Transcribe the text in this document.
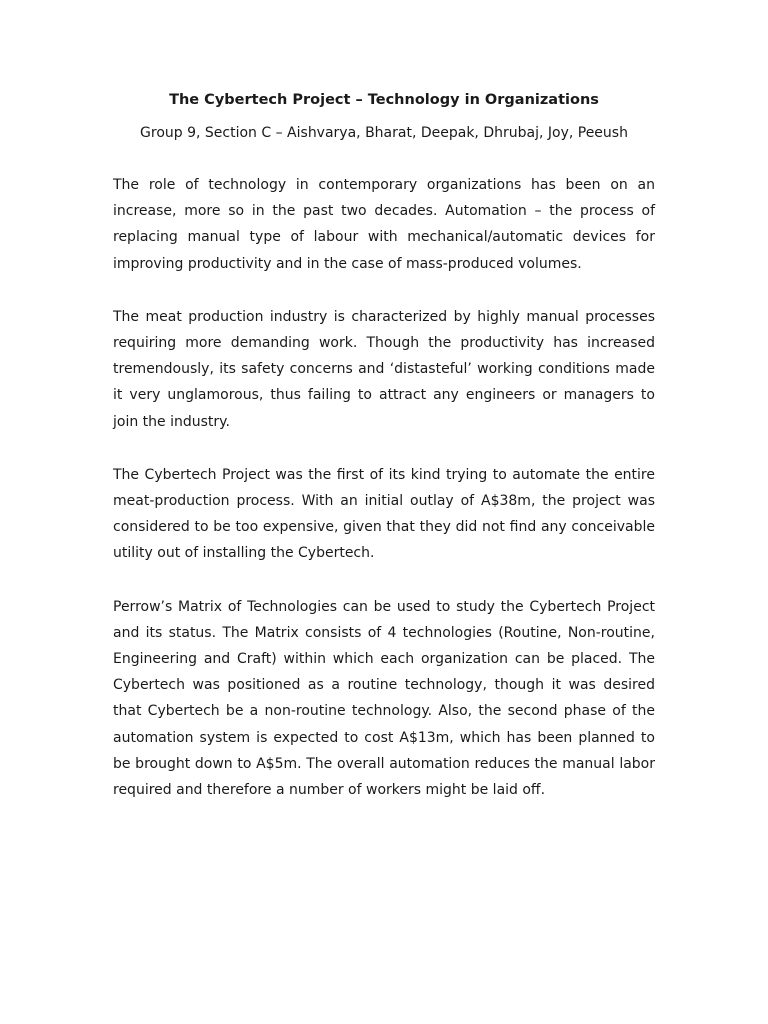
The Cybertech Project – Technology in Organizations

Group 9, Section C – Aishvarya, Bharat, Deepak, Dhrubaj, Joy, Peeush

The role of technology in contemporary organizations has been on an increase, more so in the past two decades. Automation – the process of replacing manual type of labour with mechanical/automatic devices for improving productivity and in the case of mass-produced volumes.

The meat production industry is characterized by highly manual processes requiring more demanding work. Though the productivity has increased tremendously, its safety concerns and ‘distasteful’ working conditions made it very unglamorous, thus failing to attract any engineers or managers to join the industry.

The Cybertech Project was the first of its kind trying to automate the entire meat-production process. With an initial outlay of A$38m, the project was considered to be too expensive, given that they did not find any conceivable utility out of installing the Cybertech.

Perrow’s Matrix of Technologies can be used to study the Cybertech Project and its status. The Matrix consists of 4 technologies (Routine, Non-routine, Engineering and Craft) within which each organization can be placed. The Cybertech was positioned as a routine technology, though it was desired that Cybertech be a non-routine technology. Also, the second phase of the automation system is expected to cost A$13m, which has been planned to be brought down to A$5m. The overall automation reduces the manual labor required and therefore a number of workers might be laid off.
